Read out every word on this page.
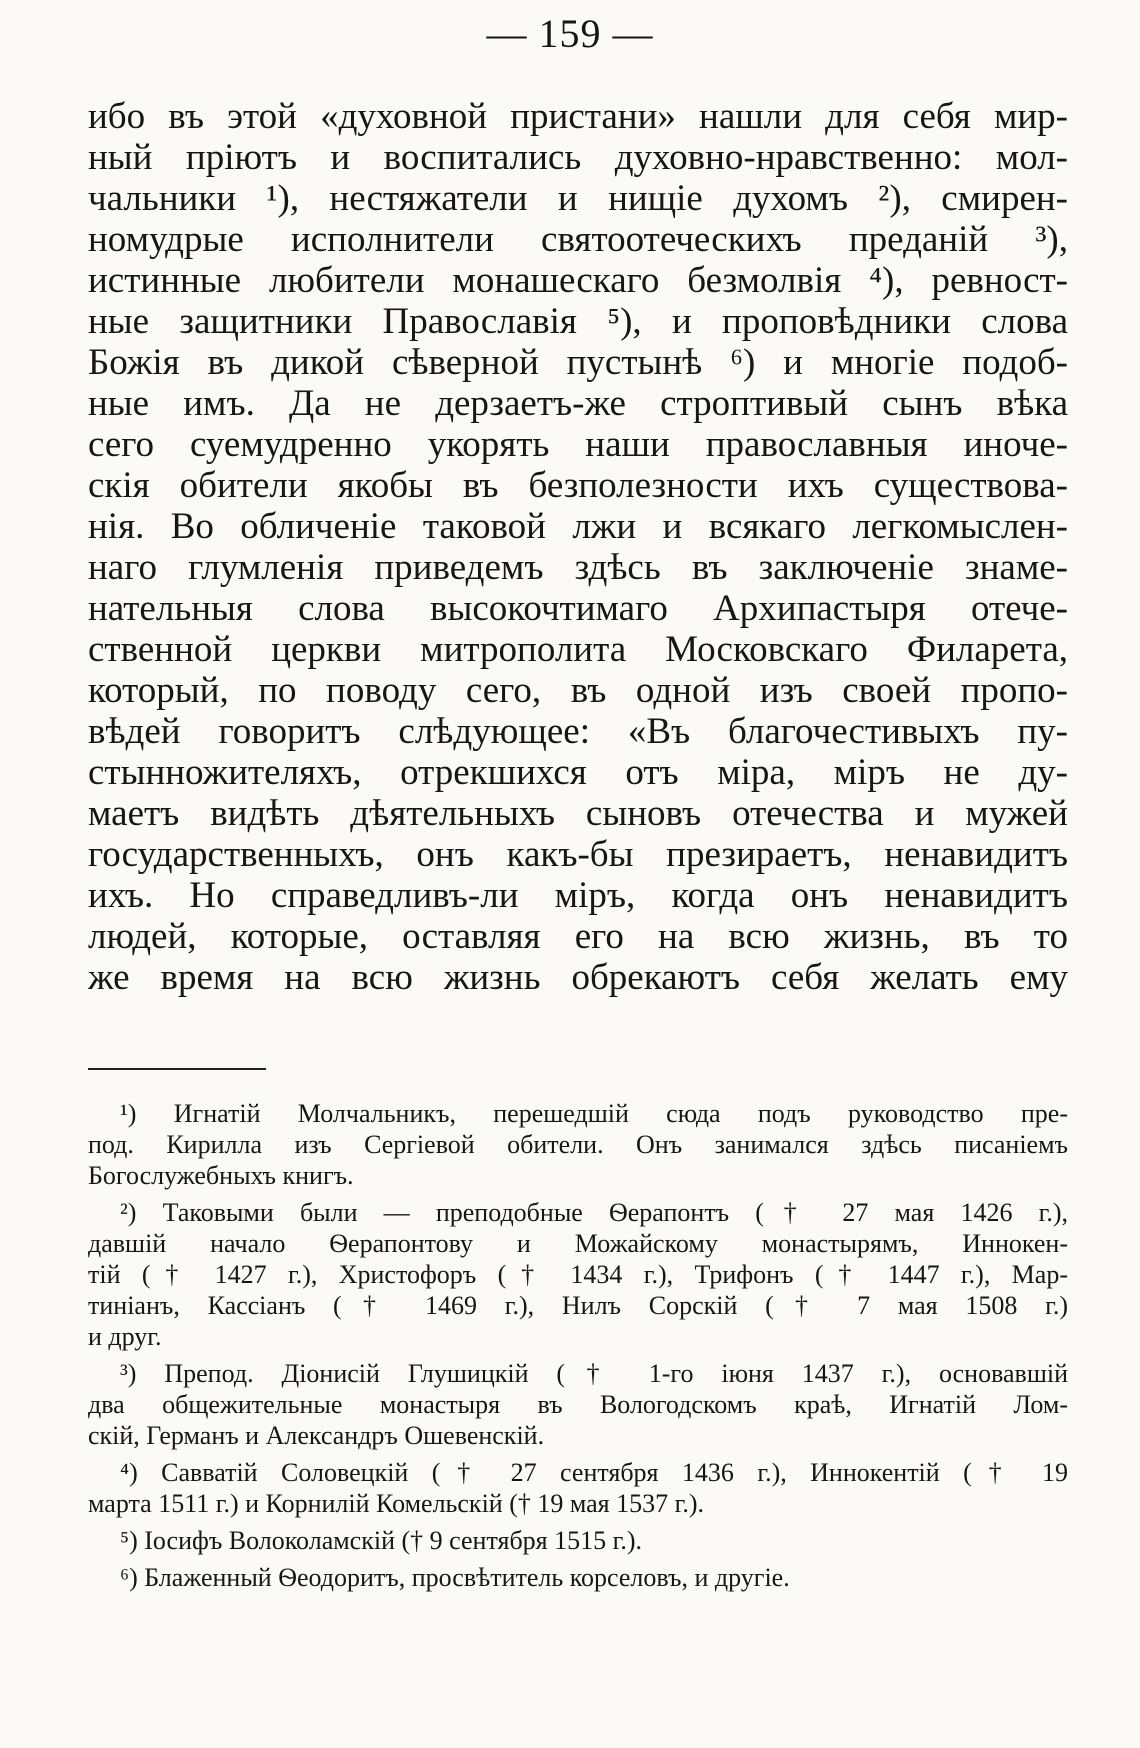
— 159 —
ибо въ этой «духовной пристани» нашли для себя мир-
ный пріютъ и воспитались духовно-нравственно: мол-
чальники ¹), нестяжатели и нищіе духомъ ²), смирен-
номудрые исполнители святоотеческихъ преданій ³),
истинные любители монашескаго безмолвія ⁴), ревност-
ные защитники Православія ⁵), и проповѣдники слова
Божія въ дикой сѣверной пустынѣ ⁶) и многіе подоб-
ные имъ. Да не дерзаетъ-же строптивый сынъ вѣка
сего суемудренно укорять наши православныя иноче-
скія обители якобы въ безполезности ихъ существова-
нія. Во обличеніе таковой лжи и всякаго легкомыслен-
наго глумленія приведемъ здѣсь въ заключеніе знаме-
нательныя слова высокочтимаго Архипастыря отече-
ственной церкви митрополита Московскаго Филарета,
который, по поводу сего, въ одной изъ своей пропо-
вѣдей говоритъ слѣдующее: «Въ благочестивыхъ пу-
стынножителяхъ, отрекшихся отъ міра, міръ не ду-
маетъ видѣть дѣятельныхъ сыновъ отечества и мужей
государственныхъ, онъ какъ-бы презираетъ, ненавидитъ
ихъ. Но справедливъ-ли міръ, когда онъ ненавидитъ
людей, которые, оставляя его на всю жизнь, въ то
же время на всю жизнь обрекаютъ себя желать ему
¹) Игнатій Молчальникъ, перешедшій сюда подъ руководство пре-
под. Кирилла изъ Сергіевой обители. Онъ занимался здѣсь писаніемъ
Богослужебныхъ книгъ.
²) Таковыми были — преподобные Ѳерапонтъ († 27 мая 1426 г.),
давшій начало Ѳерапонтову и Можайскому монастырямъ, Иннокен-
тій († 1427 г.), Христофоръ († 1434 г.), Трифонъ († 1447 г.), Мар-
тиніанъ, Кассіанъ († 1469 г.), Нилъ Сорскій († 7 мая 1508 г.)
и друг.
³) Препод. Діонисій Глушицкій († 1-го іюня 1437 г.), основавшій
два общежительные монастыря въ Вологодскомъ краѣ, Игнатій Лом-
скій, Германъ и Александръ Ошевенскій.
⁴) Савватій Соловецкій († 27 сентября 1436 г.), Иннокентій († 19
марта 1511 г.) и Корнилій Комельскій († 19 мая 1537 г.).
⁵) Іосифъ Волоколамскій († 9 сентября 1515 г.).
⁶) Блаженный Ѳеодоритъ, просвѣтитель корселовъ, и другіе.
